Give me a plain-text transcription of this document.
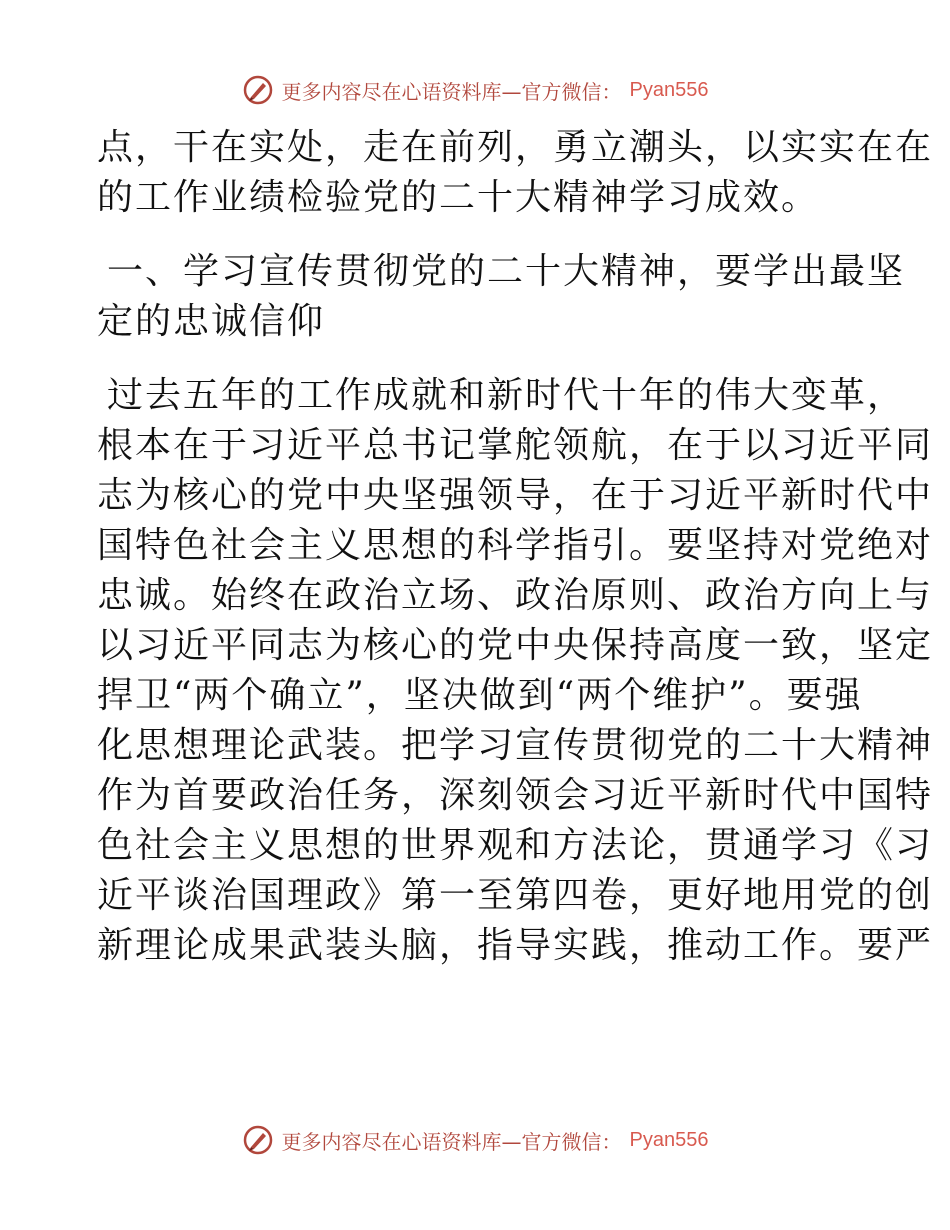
更多内容尽在心语资料库—官方微信： Pyan556

点，干在实处，走在前列，勇立潮头，以实实在在
的工作业绩检验党的二十大精神学习成效。

一、学习宣传贯彻党的二十大精神，要学出最坚
定的忠诚信仰

过去五年的工作成就和新时代十年的伟大变革，
根本在于习近平总书记掌舵领航，在于以习近平同
志为核心的党中央坚强领导，在于习近平新时代中
国特色社会主义思想的科学指引。要坚持对党绝对
忠诚。始终在政治立场、政治原则、政治方向上与
以习近平同志为核心的党中央保持高度一致，坚定
捍卫“两个确立”，坚决做到“两个维护”。要强
化思想理论武装。把学习宣传贯彻党的二十大精神
作为首要政治任务，深刻领会习近平新时代中国特
色社会主义思想的世界观和方法论，贯通学习《习
近平谈治国理政》第一至第四卷，更好地用党的创
新理论成果武装头脑，指导实践，推动工作。要严

更多内容尽在心语资料库—官方微信： Pyan556
